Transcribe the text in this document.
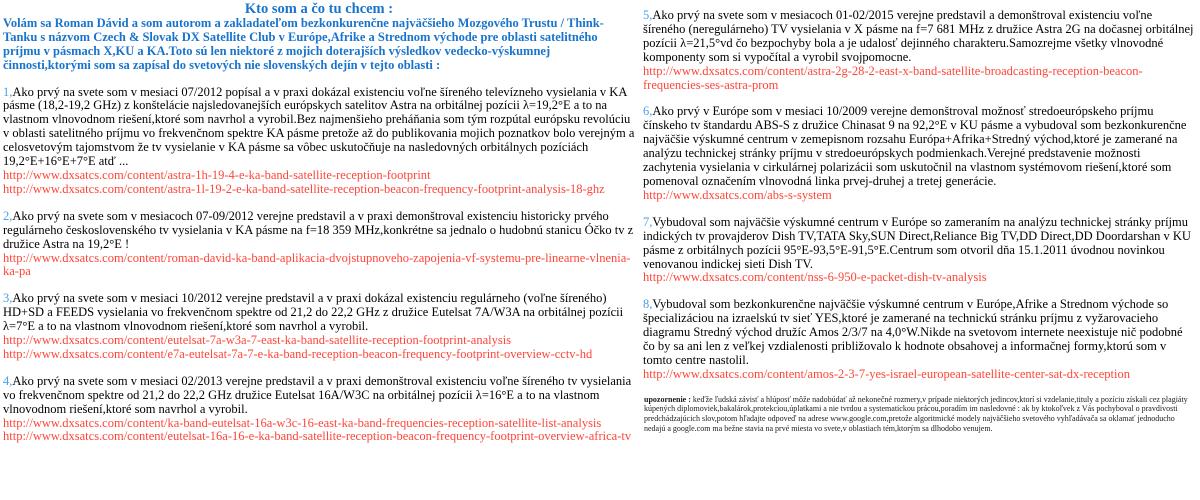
Kto som a čo tu chcem :

Volám sa Roman Dávid a som autorom a zakladateľom bezkonkurenčne najväčšieho Mozgového Trustu / Think-Tanku s názvom Czech & Slovak DX Satellite Club v Európe,Afrike a Strednom východe pre oblasti satelitného príjmu v pásmach X,KU a KA.Toto sú len niektoré z mojich doterajších výsledkov vedecko-výskumnej činnosti,ktorými som sa zapísal do svetových nie slovenských dejín v tejto oblasti :

1,Ako prvý na svete som v mesiaci 07/2012 popísal a v praxi dokázal existenciu voľne šíreného televízneho vysielania v KA pásme (18,2-19,2 GHz) z konštelácie najsledovanejších európskych satelitov Astra na orbitálnej pozícii λ=19,2°E a to na vlastnom vlnovodnom riešení,ktoré som navrhol a vyrobil.Bez najmenšieho preháňania som tým rozpútal európsku revolúciu v oblasti satelitného príjmu vo frekvenčnom spektre KA pásme pretože až do publikovania mojich poznatkov bolo verejným a celosvetovým tajomstvom že tv vysielanie v KA pásme sa vôbec uskutočňuje na nasledovných orbitálnych pozíciách 19,2°E+16°E+7°E atď ...

http://www.dxsatcs.com/content/astra-1h-19-4-e-ka-band-satellite-reception-footprint
http://www.dxsatcs.com/content/astra-1l-19-2-e-ka-band-satellite-reception-beacon-frequency-footprint-analysis-18-ghz

2,Ako prvý na svete som v mesiacoch 07-09/2012 verejne predstavil a v praxi demonštroval existenciu historicky prvého regulárneho československého tv vysielania v KA pásme na f=18 359 MHz,konkrétne sa jednalo o hudobnú stanicu Óčko tv z družice Astra na 19,2°E !

http://www.dxsatcs.com/content/roman-david-ka-band-aplikacia-dvojstupnoveho-zapojenia-vf-systemu-pre-linearne-vlnenia-ka-pa

3,Ako prvý na svete som v mesiaci 10/2012 verejne predstavil a v praxi dokázal existenciu regulárneho (voľne šíreného) HD+SD a FEEDS vysielania vo frekvenčnom spektre od 21,2 do 22,2 GHz z družice Eutelsat 7A/W3A na orbitálnej pozícii λ=7°E a to na vlastnom vlnovodnom riešení,ktoré som navrhol a vyrobil.

http://www.dxsatcs.com/content/eutelsat-7a-w3a-7-east-ka-band-satellite-reception-footprint-analysis
http://www.dxsatcs.com/content/e7a-eutelsat-7a-7-e-ka-band-reception-beacon-frequency-footprint-overview-cctv-hd

4,Ako prvý na svete som v mesiaci 02/2013 verejne predstavil a v praxi demonštroval existenciu voľne šíreného tv vysielania vo frekvenčnom spektre od 21,2 do 22,2 GHz družice Eutelsat 16A/W3C na orbitálnej pozícii λ=16°E a to na vlastnom vlnovodnom riešení,ktoré som navrhol a vyrobil.

http://www.dxsatcs.com/content/ka-band-eutelsat-16a-w3c-16-east-ka-band-frequencies-reception-satellite-list-analysis
http://www.dxsatcs.com/content/eutelsat-16a-16-e-ka-band-satellite-reception-beacon-frequency-footprint-overview-africa-tv

5,Ako prvý na svete som v mesiacoch 01-02/2015 verejne predstavil a demonštroval existenciu voľne šíreného (neregulárneho) TV vysielania v X pásme na f=7 681 MHz z družice Astra 2G na dočasnej orbitálnej pozícii λ=21,5°vd čo bezpochyby bola a je udalosť dejinného charakteru.Samozrejme všetky vlnovodné komponenty som si vypočítal a vyrobil svojpomocne.

http://www.dxsatcs.com/content/astra-2g-28-2-east-x-band-satellite-broadcasting-reception-beacon-frequencies-ses-astra-prom

6,Ako prvý v Európe som v mesiaci 10/2009 verejne demonštroval možnosť stredoeurópskeho príjmu čínskeho tv štandardu ABS-S z družice Chinasat 9 na 92,2°E v KU pásme a vybudoval som bezkonkurenčne najväčšie výskumné centrum v zemepisnom rozsahu Európa+Afrika+Stredný východ,ktoré je zamerané na analýzu technickej stránky príjmu v stredoeurópskych podmienkach.Verejné predstavenie možnosti zachytenia vysielania v cirkulárnej polarizácii som uskutočnil na vlastnom systémovom riešení,ktoré som pomenoval označením vlnovodná linka prvej-druhej a tretej generácie.

http://www.dxsatcs.com/abs-s-system

7,Vybudoval som najväčšie výskumné centrum v Európe so zameraním na analýzu technickej stránky príjmu indických tv provajderov Dish TV,TATA Sky,SUN Direct,Reliance Big TV,DD Direct,DD Doordarshan v KU pásme z orbitálnych pozícii 95°E-93,5°E-91,5°E.Centrum som otvoril dňa 15.1.2011 úvodnou novinkou venovanou indickej sieti Dish TV.

http://www.dxsatcs.com/content/nss-6-950-e-packet-dish-tv-analysis

8,Vybudoval som bezkonkurenčne najväčšie výskumné centrum v Európe,Afrike a Strednom východe so špecializáciou na izraelskú tv sieť YES,ktoré je zamerané na technickú stránku príjmu z vyžarovacieho diagramu Stredný východ družíc Amos 2/3/7 na 4,0°W.Nikde na svetovom internete neexistuje nič podobné čo by sa ani len z veľkej vzdialenosti približovalo k hodnote obsahovej a informačnej formy,ktorú som v tomto centre nastolil.

http://www.dxsatcs.com/content/amos-2-3-7-yes-israel-european-satellite-center-sat-dx-reception

upozornenie : keďže ľudská závisť a hlúposť môže nadobúdať až nekonečné rozmery,v prípade niektorých jedincov,ktorí si vzdelanie,tituly a pozíciu získali cez plagiáty kúpených diplomoviek,bakalárok,protekciou,úplatkami a nie tvrdou a systematickou prácou,poradím im nasledovné : ak by ktokoľvek z Vás pochyboval o pravdivosti predchádzajúcich slov,potom hľadajte odpoveď na adrese www.google.com,pretože algoritmické modely najväčšieho svetového vyhľadávača sa oklamať jednoducho nedajú a google.com ma bežne stavia na prvé miesta vo svete,v oblastiach tém,ktorým sa dlhodobo venujem.
